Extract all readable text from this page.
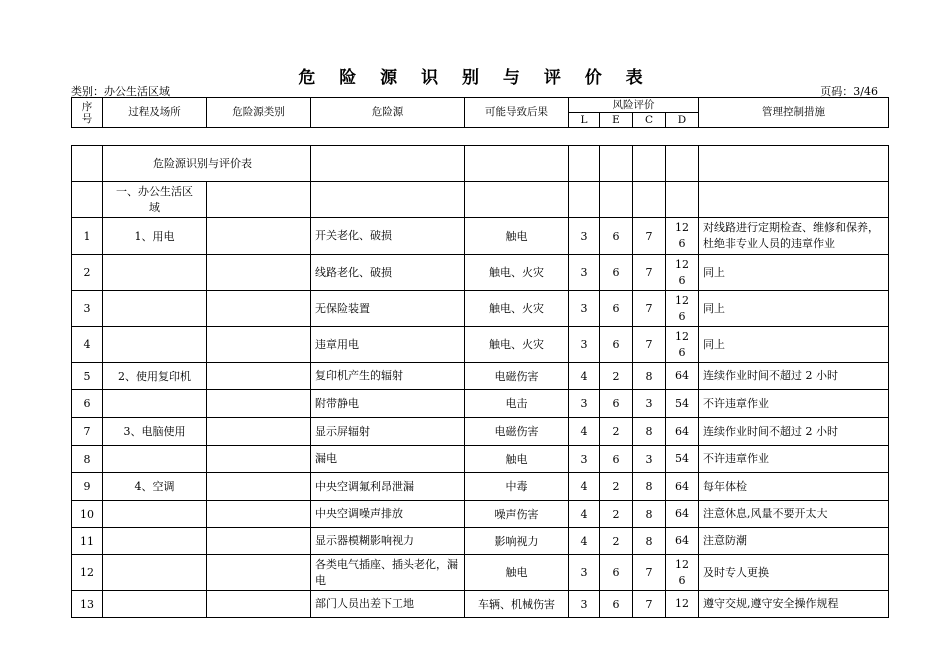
危 险 源 识 别 与 评 价 表
类别：办公生活区域	页码：3/46
序号	过程及场所	危险源类别	危险源	可能导致后果	风险评价				管理控制措施
					L	E	C	D	
	危险源识别与评价表								
	一、办公生活区域								
1	1、用电		开关老化、破损	触电	3	6	7	126	对线路进行定期检查、维修和保养，杜绝非专业人员的违章作业
2			线路老化、破损	触电、火灾	3	6	7	126	同上
3			无保险装置	触电、火灾	3	6	7	126	同上
4			违章用电	触电、火灾	3	6	7	126	同上
5	2、使用复印机		复印机产生的辐射	电磁伤害	4	2	8	64	连续作业时间不超过 2 小时
6			附带静电	电击	3	6	3	54	不许违章作业
7	3、电脑使用		显示屏辐射	电磁伤害	4	2	8	64	连续作业时间不超过 2 小时
8			漏电	触电	3	6	3	54	不许违章作业
9	4、空调		中央空调氟利昂泄漏	中毒	4	2	8	64	每年体检
10			中央空调噪声排放	噪声伤害	4	2	8	64	注意休息,风量不要开太大
11			显示器模糊影响视力	影响视力	4	2	8	64	注意防潮
12			各类电气插座、插头老化，漏电	触电	3	6	7	126	及时专人更换
13			部门人员出差下工地	车辆、机械伤害	3	6	7	12	遵守交规,遵守安全操作规程
